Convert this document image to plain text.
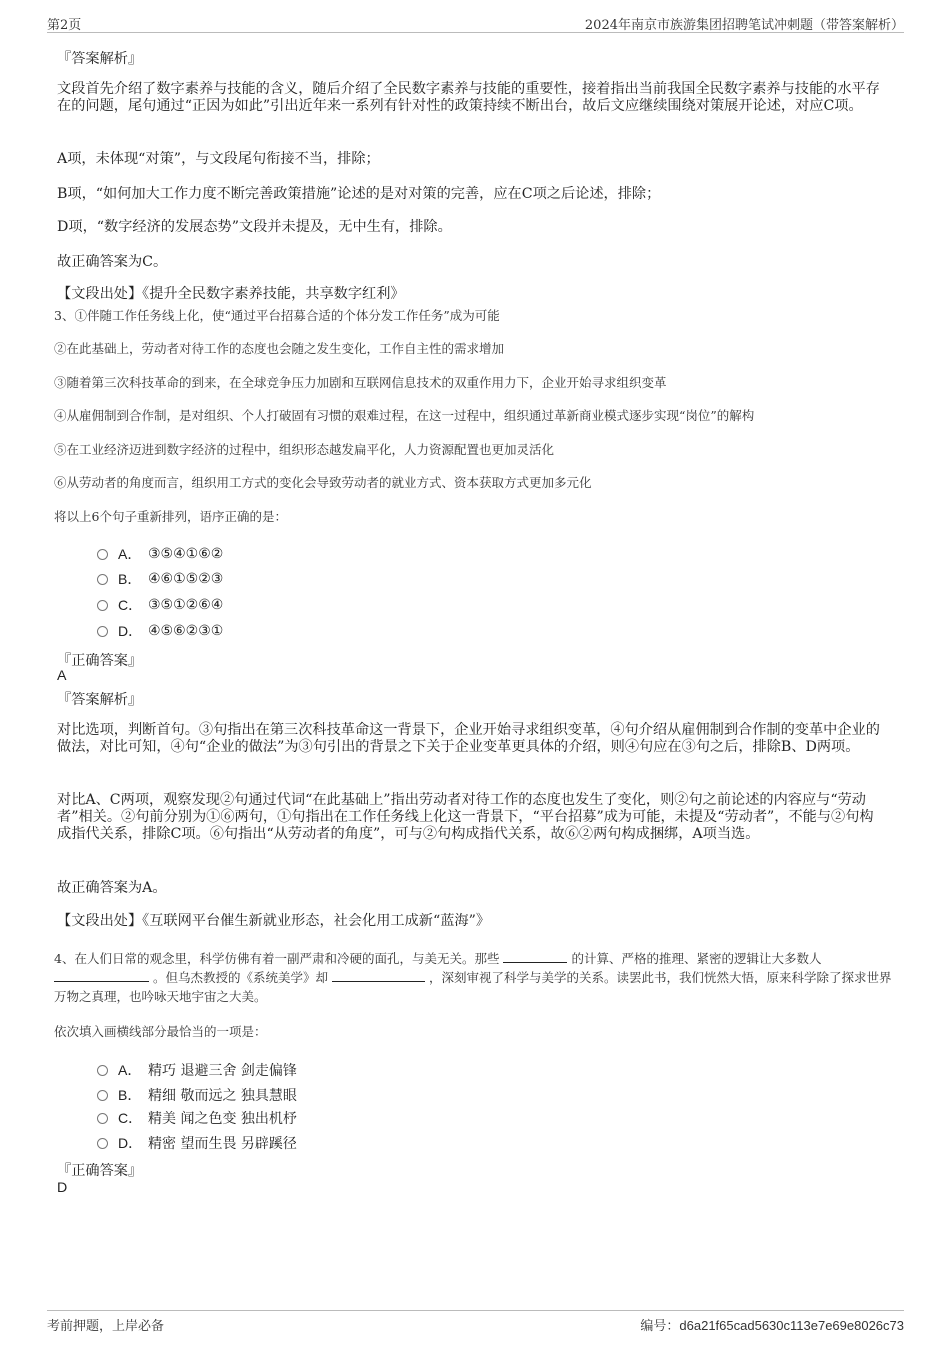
第2页	2024年南京市族游集团招聘笔试冲刺题（带答案解析）
『答案解析』
文段首先介绍了数字素养与技能的含义，随后介绍了全民数字素养与技能的重要性，接着指出当前我国全民数字素养与技能的水平存在的问题，尾句通过“正因为如此”引出近年来一系列有针对性的政策持续不断出台，故后文应继续围绕对策展开论述，对应C项。
A项，未体现“对策”，与文段尾句衔接不当，排除；
B项，“如何加大工作力度不断完善政策措施”论述的是对对策的完善，应在C项之后论述，排除；
D项，“数字经济的发展态势”文段并未提及，无中生有，排除。
故正确答案为C。
【文段出处】《提升全民数字素养技能，共享数字红利》
3、①伴随工作任务线上化，使“通过平台招募合适的个体分发工作任务”成为可能
②在此基础上，劳动者对待工作的态度也会随之发生变化，工作自主性的需求增加
③随着第三次科技革命的到来，在全球竞争压力加剧和互联网信息技术的双重作用力下，企业开始寻求组织变革
④从雇佣制到合作制，是对组织、个人打破固有习惯的艰难过程，在这一过程中，组织通过革新商业模式逐步实现“岗位”的解构
⑤在工业经济迈进到数字经济的过程中，组织形态越发扁平化，人力资源配置也更加灵活化
⑥从劳动者的角度而言，组织用工方式的变化会导致劳动者的就业方式、资本获取方式更加多元化
将以上6个句子重新排列，语序正确的是：
A． ③⑤④①⑥②
B． ④⑥①⑤②③
C． ③⑤①②⑥④
D． ④⑤⑥②③①
『正确答案』
A
『答案解析』
对比选项，判断首句。③句指出在第三次科技革命这一背景下，企业开始寻求组织变革，④句介绍从雇佣制到合作制的变革中企业的做法，对比可知，④句“企业的做法”为③句引出的背景之下关于企业变革更具体的介绍，则④句应在③句之后，排除B、D两项。
对比A、C两项，观察发现②句通过代词“在此基础上”指出劳动者对待工作的态度也发生了变化，则②句之前论述的内容应与“劳动者”相关。②句前分别为①⑥两句，①句指出在工作任务线上化这一背景下，“平台招募”成为可能，未提及“劳动者”，不能与②句构成指代关系，排除C项。⑥句指出“从劳动者的角度”，可与②句构成指代关系，故⑥②两句构成捆绑，A项当选。
故正确答案为A。
【文段出处】《互联网平台催生新就业形态，社会化用工成新“蓝海”》
4、在人们日常的观念里，科学仿佛有着一副严肃和冷硬的面孔，与美无关。那些	的计算、严格的推理、紧密的逻辑让大多数人  。但乌杰教授的《系统美学》却	，深刻审视了科学与美学的关系。读罢此书，我们恍然大悟，原来科学除了探求世界万物之真理，也吟咏天地宇宙之大美。
依次填入画横线部分最恰当的一项是：
A． 精巧 退避三舍 剑走偏锋
B． 精细 敬而远之 独具慧眼
C． 精美 闻之色变 独出机杼
D． 精密 望而生畏 另辟蹊径
『正确答案』
D
考前押题，上岸必备	编号：d6a21f65cad5630c113e7e69e8026c73
